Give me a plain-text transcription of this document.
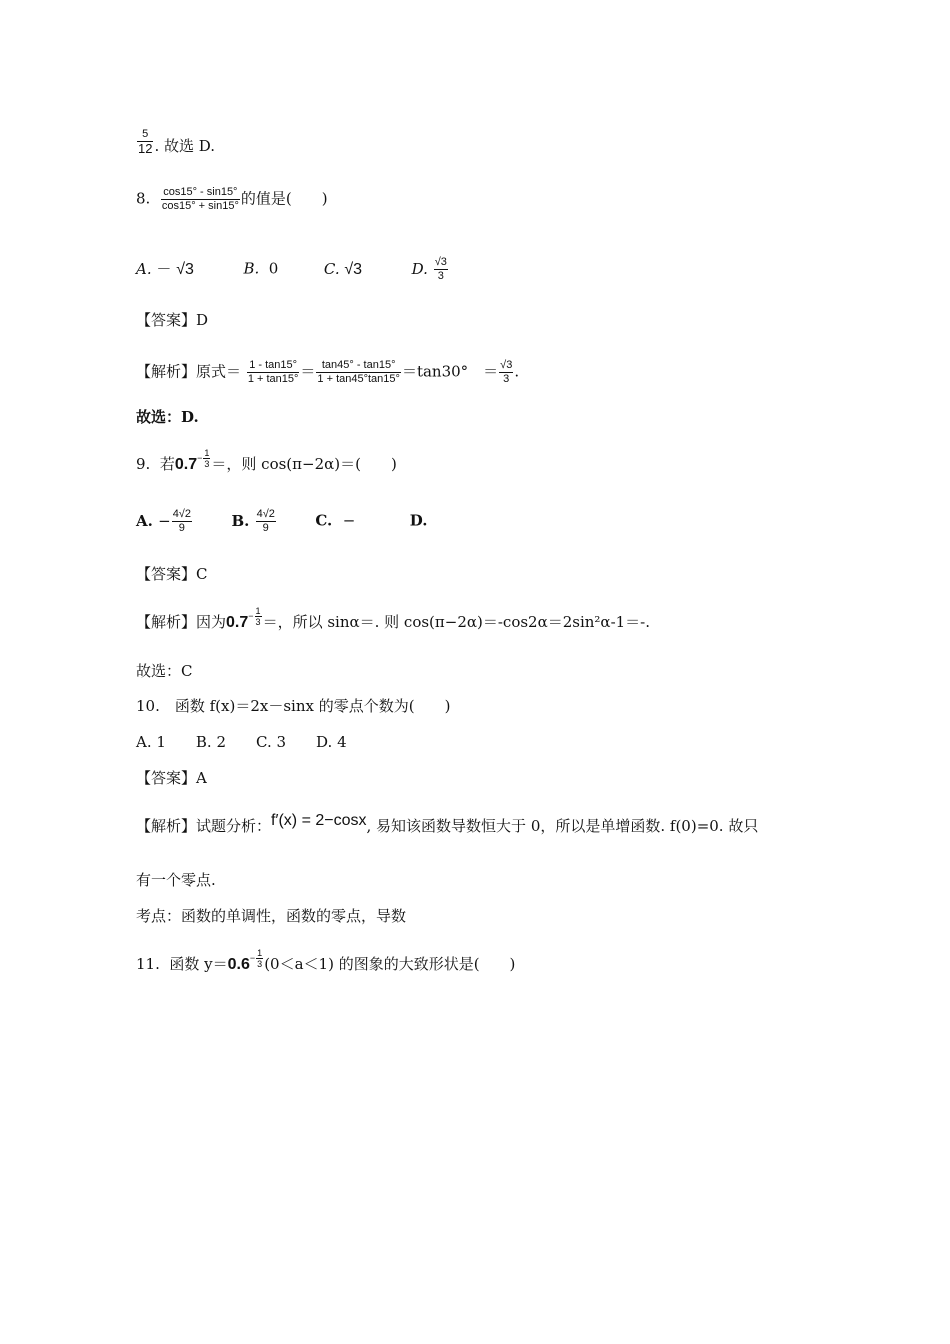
$\frac{5}{12}$ . 故选 D.
8. $\frac{\cos 15^\circ - \sin 15^\circ}{\cos 15^\circ + \sin 15^\circ}$ 的值是(　　)
A. － √3	B. 0	C. √3	D. $\frac{√3}{3}$
【答案】D
【解析】原式＝ $\frac{1 - \tan 15^\circ}{1 + \tan 15^\circ} = \frac{\tan 45^\circ - \tan 15^\circ}{1 + \tan 45^\circ\tan 15^\circ} =\tan 30^\circ$　＝ $\frac{√3}{3}$ .
故选：D.
9. 若$0.7^{- \frac{1}{3}}$ ＝，则 cos(π−2α)＝(　　)
A. − $\frac{4√2}{9}$	B. $\frac{4√2}{9}$	C. −	D.
【答案】C
【解析】因为$0.7^{- \frac{1}{3}}$ ＝，所以 sinα＝. 则 cos(π−2α)＝-cos2α＝2sin²α-1＝-.
故选：C
10.　函数 f(x)＝2x－sinx 的零点个数为(　　)
A. 1　　B. 2　　C. 3　　D. 4
【答案】A
【解析】试题分析：f′(x) = 2−cosx, 易知该函数导数恒大于 0，所以是单增函数. f(0)=0. 故只
有一个零点.
考点：函数的单调性，函数的零点，导数
11. 函数 $y=0.6^{- \frac{1}{3}}$ (0＜a＜1) 的图象的大致形状是(　　)
